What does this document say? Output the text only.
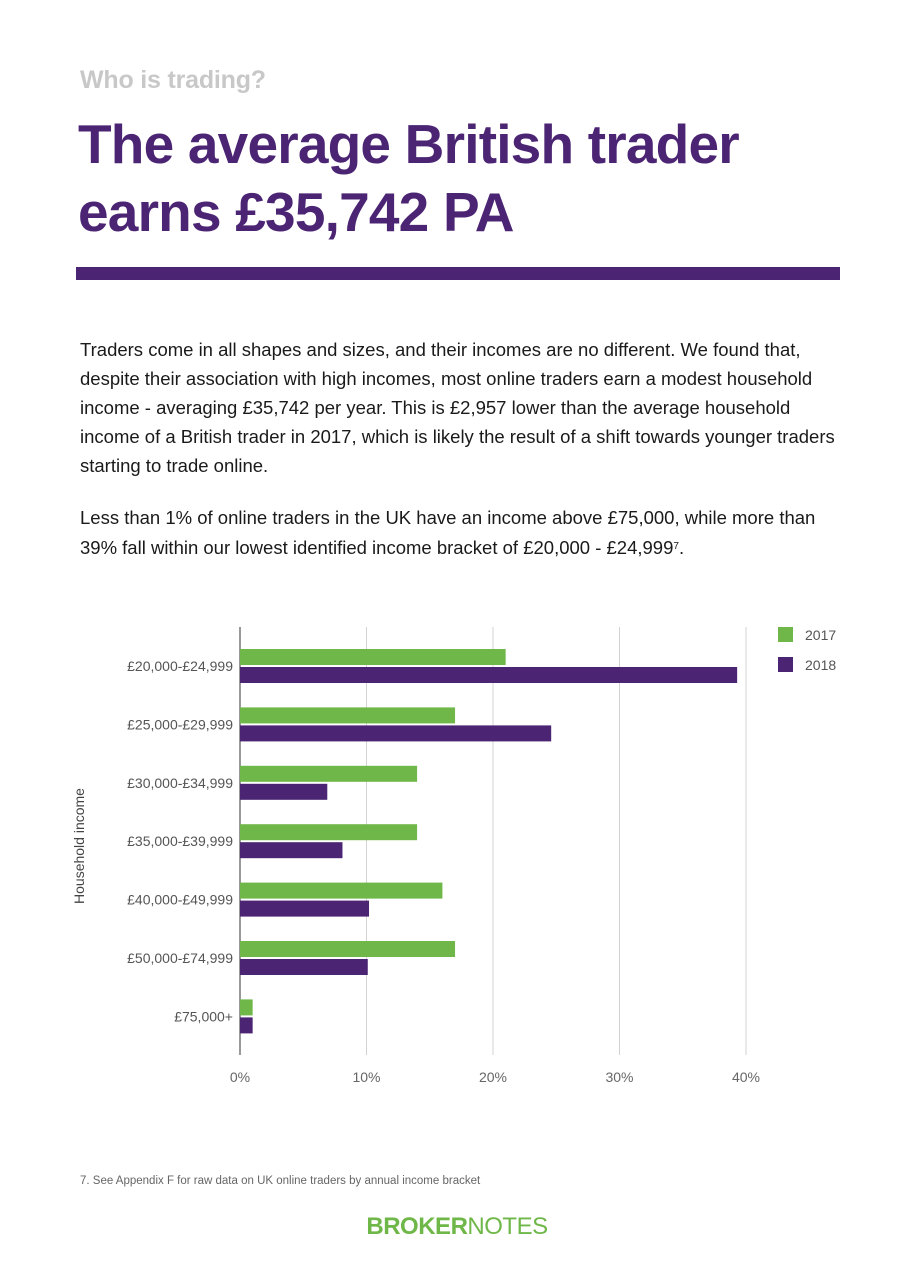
Who is trading?
The average British trader earns £35,742 PA

Traders come in all shapes and sizes, and their incomes are no different. We found that, despite their association with high incomes, most online traders earn a modest household income - averaging £35,742 per year. This is £2,957 lower than the average household income of a British trader in 2017, which is likely the result of a shift towards younger traders starting to trade online.

Less than 1% of online traders in the UK have an income above £75,000, while more than 39% fall within our lowest identified income bracket of £20,000 - £24,999$^7$.

0%	10%	20%	30%	40%
£20,000-£24,999
£25,000-£29,999
£30,000-£34,999
£35,000-£39,999
£40,000-£49,999
£50,000-£74,999
£75,000+
Household income
2017
2018
7. See Appendix F for raw data on UK online traders by annual income bracket
BROKERNOTES
